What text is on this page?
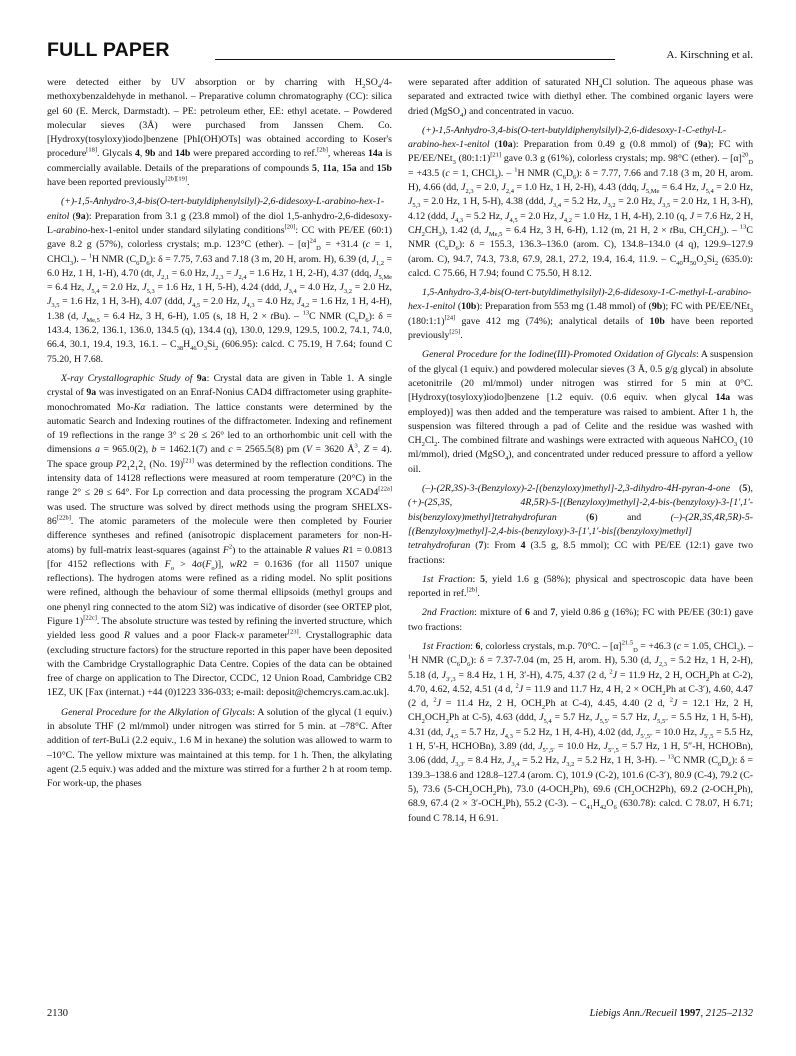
FULL PAPER	A. Kirschning et al.

were detected either by UV absorption or by charring with $H_2SO_4/4$-methoxybenzaldehyde in methanol. – Preparative column chromatography (CC): silica gel 60 (E. Merck, Darmstadt). – PE: petroleum ether, EE: ethyl acetate. – Powdered molecular sieves (3Å) were purchased from Janssen Chem. Co. [Hydroxy(tosyloxy)iodo]benzene [PhI(OH)OTs] was obtained according to Koser's procedure[18]. Glycals 4, 9b and 14b were prepared according to ref.[2b], whereas 14a is commercially available. Details of the preparations of compounds 5, 11a, 15a and 15b have been reported previously[2b][19].

(+)-1,5-Anhydro-3,4-bis(O-tert-butyldiphenylsilyl)-2,6-didesoxy-L-arabino-hex-1-enitol (9a): Preparation from 3.1 g (23.8 mmol) of the diol 1,5-anhydro-2,6-didesoxy-L-arabino-hex-1-enitol under standard silylating conditions[20]: CC with PE/EE (60:1) gave 8.2 g (57%), colorless crystals; m.p. 123°C (ether). – $[\alpha]^{24}_D = +31.4$ (c = 1, CHCl$_3$). – $^1$H NMR $(C_6D_6)$: δ = 7.75, 7.63 and 7.18 (3 m, 20 H, arom. H), 6.39 (d, $J_{1,2} = 6.0$ Hz, 1 H, 1-H), 4.70 (dt, $J_{2,1} = 6.0$ Hz, $J_{2,3} = J_{2,4} = 1.6$ Hz, 1 H, 2-H), 4.37 (ddq, $J_{5,Me} = 6.4$ Hz, $J_{5,4} = 2.0$ Hz, $J_{5,3} = 1.6$ Hz, 1 H, 5-H), 4.24 (ddd, $J_{3,4} = 4.0$ Hz, $J_{3,2} = 2.0$ Hz, $J_{3,5} = 1.6$ Hz, 1 H, 3-H), 4.07 (ddd, $J_{4,5} = 2.0$ Hz, $J_{4,3} = 4.0$ Hz, $J_{4,2} = 1.6$ Hz, 1 H, 4-H), 1.38 (d, $J_{Me,5} = 6.4$ Hz, 3 H, 6-H), 1.05 (s, 18 H, 2 × tBu). – $^{13}$C NMR $(C_6D_6)$: δ = 143.4, 136.2, 136.1, 136.0, 134.5 (q), 134.4 (q), 130.0, 129.9, 129.5, 100.2, 74.1, 74.0, 66.4, 30.1, 19.4, 19.3, 16.1. – $C_{38}H_{46}O_3Si_2$ (606.95): calcd. C 75.19, H 7.64; found C 75.20, H 7.68.

X-ray Crystallographic Study of 9a: Crystal data are given in Table 1. A single crystal of 9a was investigated on an Enraf-Nonius CAD4 diffractometer using graphite-monochromated Mo-Kα radiation. The lattice constants were determined by the automatic Search and Indexing routines of the diffractometer. Indexing and refinement of 19 reflections in the range 3° ≤ 2θ ≤ 26° led to an orthorhombic unit cell with the dimensions a = 965.0(2), b = 1462.1(7) and c = 2565.5(8) pm (V = 3620 $Å^3$, Z = 4). The space group $P2_12_12_1$ (No. 19)[21] was determined by the reflection conditions. The intensity data of 14128 reflections were measured at room temperature (20°C) in the range 2° ≤ 2θ ≤ 64°. For Lp correction and data processing the program XCAD4[22a] was used. The structure was solved by direct methods using the program SHELXS-86[22b]. The atomic parameters of the molecule were then completed by Fourier difference syntheses and refined (anisotropic displacement parameters for non-H-atoms) by full-matrix least-squares (against $F^2$) to the attainable R values R1 = 0.0813 [for 4152 reflections with $F_o > 4\sigma(F_o)$], wR2 = 0.1636 (for all 11507 unique reflections). The hydrogen atoms were refined as a riding model. No split positions were refined, although the behaviour of some thermal ellipsoids (methyl groups and one phenyl ring connected to the atom Si2) was indicative of disorder (see ORTEP plot, Figure 1)[22c]. The absolute structure was tested by refining the inverted structure, which yielded less good R values and a poor Flack-x parameter[23]. Crystallographic data (excluding structure factors) for the structure reported in this paper have been deposited with the Cambridge Crystallographic Data Centre. Copies of the data can be obtained free of charge on application to The Director, CCDC, 12 Union Road, Cambridge CB2 1EZ, UK [Fax (internat.) +44 (0)1223 336-033; e-mail: deposit@chemcrys.cam.ac.uk].

General Procedure for the Alkylation of Glycals: A solution of the glycal (1 equiv.) in absolute THF (2 ml/mmol) under nitrogen was stirred for 5 min. at –78°C. After addition of tert-BuLi (2.2 equiv., 1.6 M in hexane) the solution was allowed to warm to –10°C. The yellow mixture was maintained at this temp. for 1 h. Then, the alkylating agent (2.5 equiv.) was added and the mixture was stirred for a further 2 h at room temp. For work-up, the phases

were separated after addition of saturated $NH_4Cl$ solution. The aqueous phase was separated and extracted twice with diethyl ether. The combined organic layers were dried (MgSO$_4$) and concentrated in vacuo.

(+)-1,5-Anhydro-3,4-bis(O-tert-butyldiphenylsilyl)-2,6-didesoxy-1-C-ethyl-L-arabino-hex-1-enitol (10a): Preparation from 0.49 g (0.8 mmol) of (9a); FC with PE/EE/NEt$_3$ (80:1:1)[21] gave 0.3 g (61%), colorless crystals; mp. 98°C (ether). – $[\alpha]^{20}_D = +43.5$ (c = 1, CHCl$_3$). – $^1$H NMR $(C_6D_6)$: δ = 7.77, 7.66 and 7.18 (3 m, 20 H, arom. H), 4.66 (dd, $J_{2,3} = 2.0$, $J_{2,4} = 1.0$ Hz, 1 H, 2-H), 4.43 (ddq, $J_{5,Me} = 6.4$ Hz, $J_{5,4} = 2.0$ Hz, $J_{5,3} = 2.0$ Hz, 1 H, 5-H), 4.38 (ddd, $J_{3,4} = 5.2$ Hz, $J_{3,2} = 2.0$ Hz, $J_{3,5} = 2.0$ Hz, 1 H, 3-H), 4.12 (ddd, $J_{4,3} = 5.2$ Hz, $J_{4,5} = 2.0$ Hz, $J_{4,2} = 1.0$ Hz, 1 H, 4-H), 2.10 (q, J = 7.6 Hz, 2 H, $CH_2CH_3$), 1.42 (d, $J_{Me,5} = 6.4$ Hz, 3 H, 6-H), 1.12 (m, 21 H, 2 × tBu, $CH_2CH_3$). – $^{13}$C NMR $(C_6D_6)$: δ = 155.3, 136.3–136.0 (arom. C), 134.8–134.0 (4 q), 129.9–127.9 (arom. C), 94.7, 74.3, 73.8, 67.9, 28.1, 27.2, 19.4, 16.4, 11.9. – $C_{40}H_{50}O_3Si_2$ (635.0): calcd. C 75.66, H 7.94; found C 75.50, H 8.12.

1,5-Anhydro-3,4-bis(O-tert-butyldimethylsilyl)-2,6-didesoxy-1-C-methyl-L-arabino-hex-1-enitol (10b): Preparation from 553 mg (1.48 mmol) of (9b); FC with PE/EE/NEt$_3$ (180:1:1)[24] gave 412 mg (74%); analytical details of 10b have been reported previously[25].

General Procedure for the Iodine(III)-Promoted Oxidation of Glycals: A suspension of the glycal (1 equiv.) and powdered molecular sieves (3 Å, 0.5 g/g glycal) in absolute acetonitrile (20 ml/mmol) under nitrogen was stirred for 5 min at 0°C. [Hydroxy(tosyloxy)iodo]benzene [1.2 equiv. (0.6 equiv. when glycal 14a was employed)] was then added and the temperature was raised to ambient. After 1 h, the suspension was filtered through a pad of Celite and the residue was washed with $CH_2Cl_2$. The combined filtrate and washings were extracted with aqueous NaHCO$_3$ (10 ml/mmol), dried (MgSO$_4$), and concentrated under reduced pressure to afford a yellow oil.

(–)-(2R,3S)-3-(Benzyloxy)-2-[(benzyloxy)methyl]-2,3-dihydro-4H-pyran-4-one (5), (+)-(2S,3S, 4R,5R)-5-[(Benzyloxy)methyl]-2,4-bis-(benzyloxy)-3-[1′,1′-bis(benzyloxy)methyl]tetrahydrofuran (6) and (–)-(2R,3S,4R,5R)-5-[(Benzyloxy)methyl]-2,4-bis-(benzyloxy)-3-[1′,1′-bis[(benzyloxy)methyl] tetrahydrofuran (7): From 4 (3.5 g, 8.5 mmol); CC with PE/EE (12:1) gave two fractions:

1st Fraction: 5, yield 1.6 g (58%); physical and spectroscopic data have been reported in ref.[2b].

2nd Fraction: mixture of 6 and 7, yield 0.86 g (16%); FC with PE/EE (30:1) gave two fractions:

1st Fraction: 6, colorless crystals, m.p. 70°C. – $[\alpha]^{21.5}_D = +46.3$ (c = 1.05, CHCl$_3$). – $^1$H NMR $(C_6D_6)$: δ = 7.37-7.04 (m, 25 H, arom. H), 5.30 (d, $J_{2,3} = 5.2$ Hz, 1 H, 2-H), 5.18 (d, $J_{3',3} = 8.4$ Hz, 1 H, 3′-H), 4.75, 4.37 (2 d, $^2$J = 11.9 Hz, 2 H, $OCH_2Ph$ at C-2), 4.70, 4.62, 4.52, 4.51 (4 d, $^2$J = 11.9 and 11.7 Hz, 4 H, $2 \times OCH_2Ph$ at C-3′), 4.60, 4.47 (2 d, $^2$J = 11.4 Hz, 2 H, $OCH_2Ph$ at C-4), 4.45, 4.40 (2 d, $^2$J = 12.1 Hz, 2 H, $CH_2OCH_2Ph$ at C-5), 4.63 (ddd, $J_{5,4} = 5.7$ Hz, $J_{5,5'} = 5.7$ Hz, $J_{5,5''} = 5.5$ Hz, 1 H, 5-H), 4.31 (dd, $J_{4,5} = 5.7$ Hz, $J_{4,3} = 5.2$ Hz, 1 H, 4-H), 4.02 (dd, $J_{5',5''} = 10.0$ Hz, $J_{5',5} = 5.5$ Hz, 1 H, 5′-H, HCHOBn), 3.89 (dd, $J_{5'',5'} = 10.0$ Hz, $J_{5'',5} = 5.7$ Hz, 1 H, 5″-H, HCHOBn), 3.06 (ddd, $J_{3,3'} = 8.4$ Hz, $J_{3,4} = 5.2$ Hz, $J_{3,2} = 5.2$ Hz, 1 H, 3-H). – $^{13}$C NMR $(C_6D_6)$: δ = 139.3–138.6 and 128.8–127.4 (arom. C), 101.9 (C-2), 101.6 (C-3′), 80.9 (C-4), 79.2 (C-5), 73.6 $(5-CH_2OCH_2Ph)$, 73.0 $(4-OCH_2Ph)$, 69.6 $(CH_2OCH2Ph)$, 69.2 $(2-OCH_2Ph)$, 68.9, 67.4 $(2 \times 3'-OCH_2Ph)$, 55.2 (C-3). – $C_{41}H_{42}O_6$ (630.78): calcd. C 78.07, H 6.71; found C 78.14, H 6.91.

2130	Liebigs Ann./Recueil 1997, 2125–2132
